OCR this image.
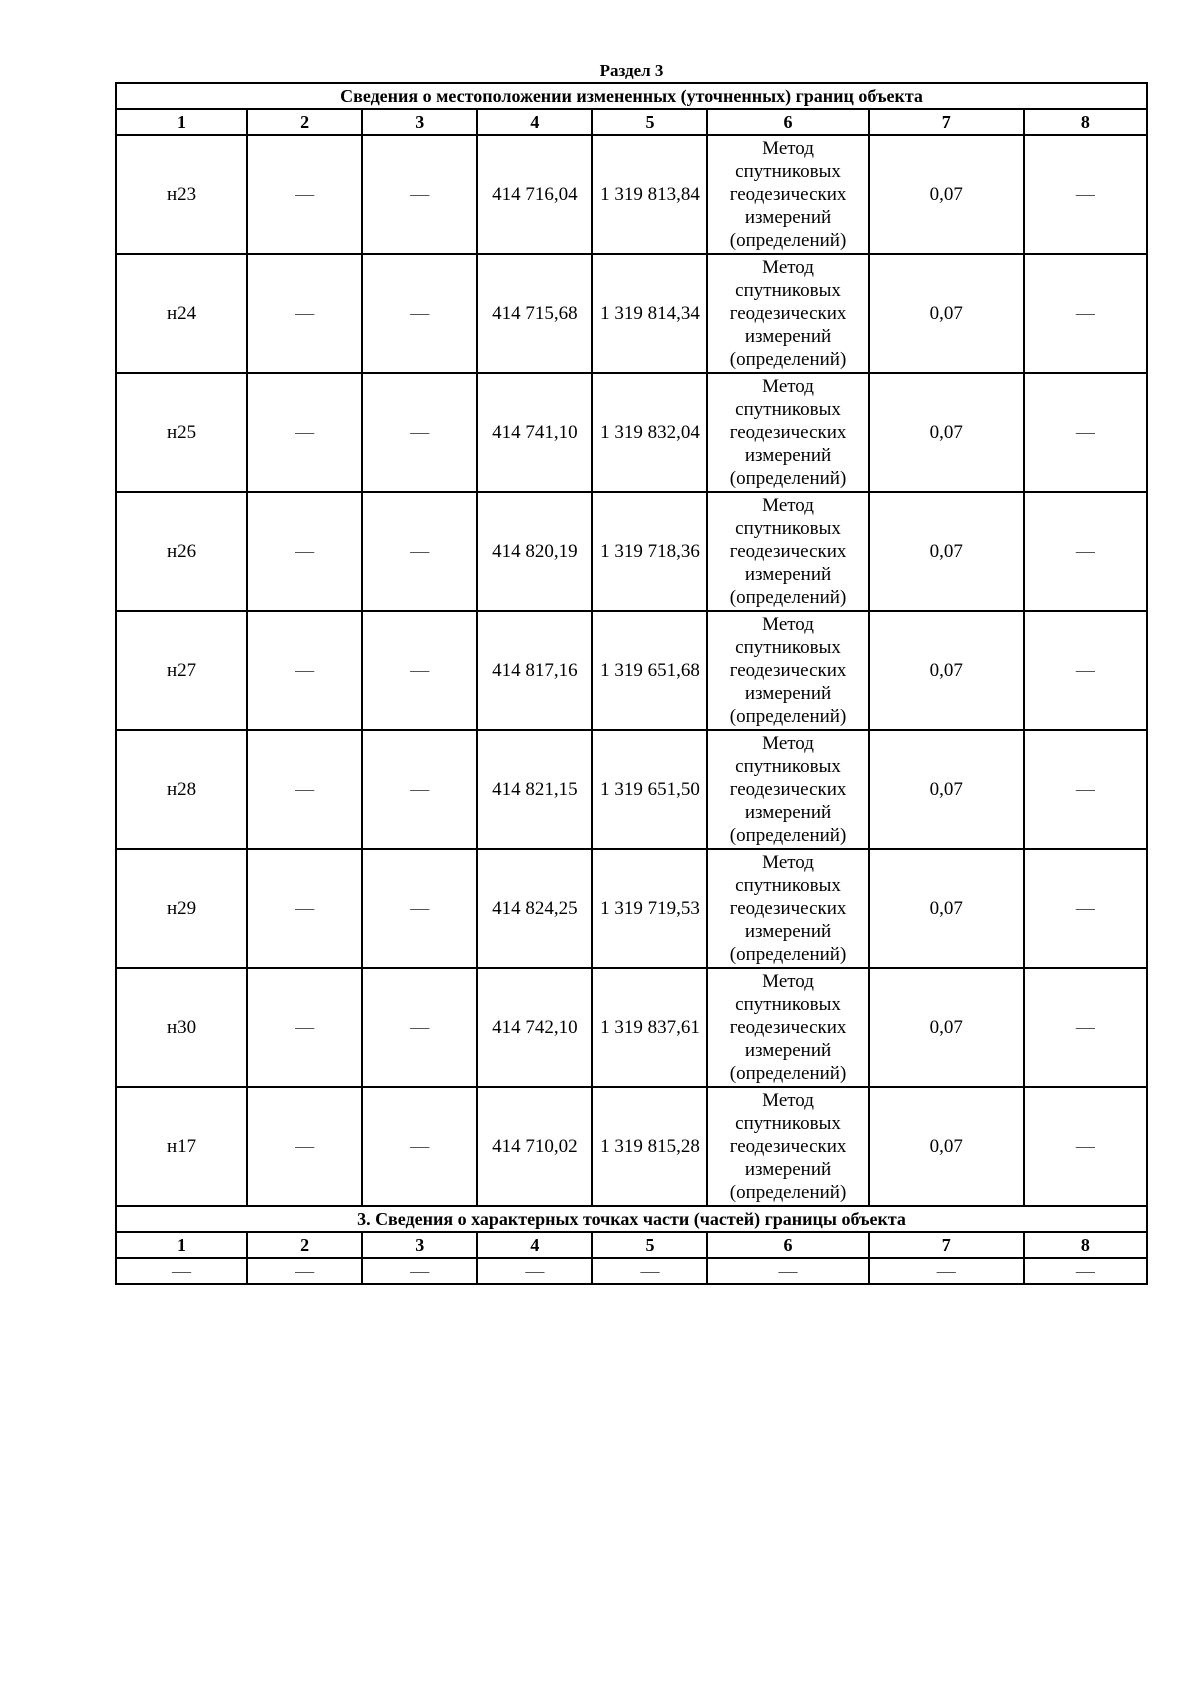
Раздел 3
Сведения о местоположении измененных (уточненных) границ объекта							
1	2	3	4	5	6	7	8
н23	—	—	414 716,04	1 319 813,84	Метод
спутниковых
геодезических
измерений
(определений)	0,07	—
н24	—	—	414 715,68	1 319 814,34	Метод
спутниковых
геодезических
измерений
(определений)	0,07	—
н25	—	—	414 741,10	1 319 832,04	Метод
спутниковых
геодезических
измерений
(определений)	0,07	—
н26	—	—	414 820,19	1 319 718,36	Метод
спутниковых
геодезических
измерений
(определений)	0,07	—
н27	—	—	414 817,16	1 319 651,68	Метод
спутниковых
геодезических
измерений
(определений)	0,07	—
н28	—	—	414 821,15	1 319 651,50	Метод
спутниковых
геодезических
измерений
(определений)	0,07	—
н29	—	—	414 824,25	1 319 719,53	Метод
спутниковых
геодезических
измерений
(определений)	0,07	—
н30	—	—	414 742,10	1 319 837,61	Метод
спутниковых
геодезических
измерений
(определений)	0,07	—
н17	—	—	414 710,02	1 319 815,28	Метод
спутниковых
геодезических
измерений
(определений)	0,07	—
3. Сведения о характерных точках части (частей) границы объекта							
1	2	3	4	5	6	7	8
—	—	—	—	—	—	—	—
